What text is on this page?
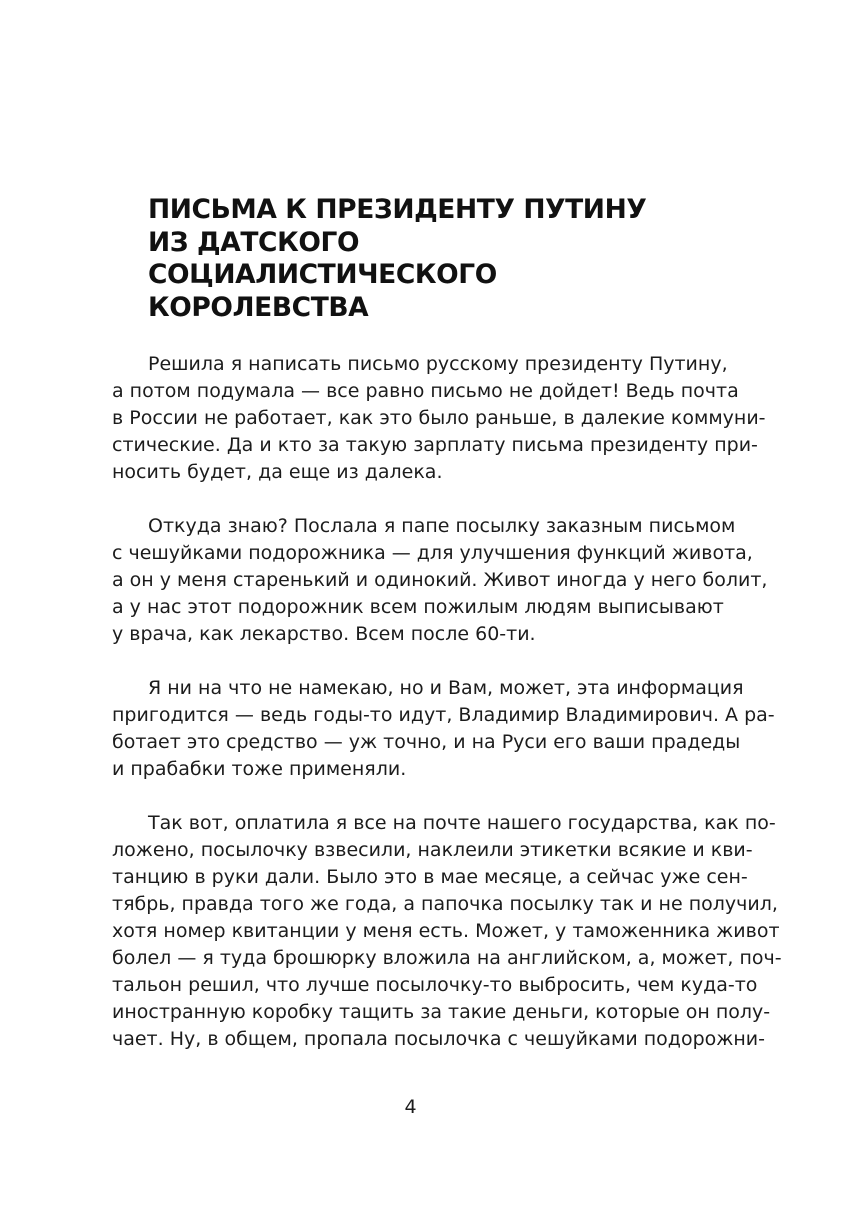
ПИСЬМА К ПРЕЗИДЕНТУ ПУТИНУ
ИЗ ДАТСКОГО
СОЦИАЛИСТИЧЕСКОГО
КОРОЛЕВСТВА

Решила я написать письмо русскому президенту Путину,
а потом подумала — все равно письмо не дойдет! Ведь почта
в России не работает, как это было раньше, в далекие коммуни-
стические. Да и кто за такую зарплату письма президенту при-
носить будет, да еще из далека.

Откуда знаю? Послала я папе посылку заказным письмом
с чешуйками подорожника — для улучшения функций живота,
а он у меня старенький и одинокий. Живот иногда у него болит,
а у нас этот подорожник всем пожилым людям выписывают
у врача, как лекарство. Всем после 60-ти.

Я ни на что не намекаю, но и Вам, может, эта информация
пригодится — ведь годы-то идут, Владимир Владимирович. А ра-
ботает это средство — уж точно, и на Руси его ваши прадеды
и прабабки тоже применяли.

Так вот, оплатила я все на почте нашего государства, как по-
ложено, посылочку взвесили, наклеили этикетки всякие и кви-
танцию в руки дали. Было это в мае месяце, а сейчас уже сен-
тябрь, правда того же года, а папочка посылку так и не получил,
хотя номер квитанции у меня есть. Может, у таможенника живот
болел — я туда брошюрку вложила на английском, а, может, поч-
тальон решил, что лучше посылочку-то выбросить, чем куда-то
иностранную коробку тащить за такие деньги, которые он полу-
чает. Ну, в общем, пропала посылочка с чешуйками подорожни-

4
